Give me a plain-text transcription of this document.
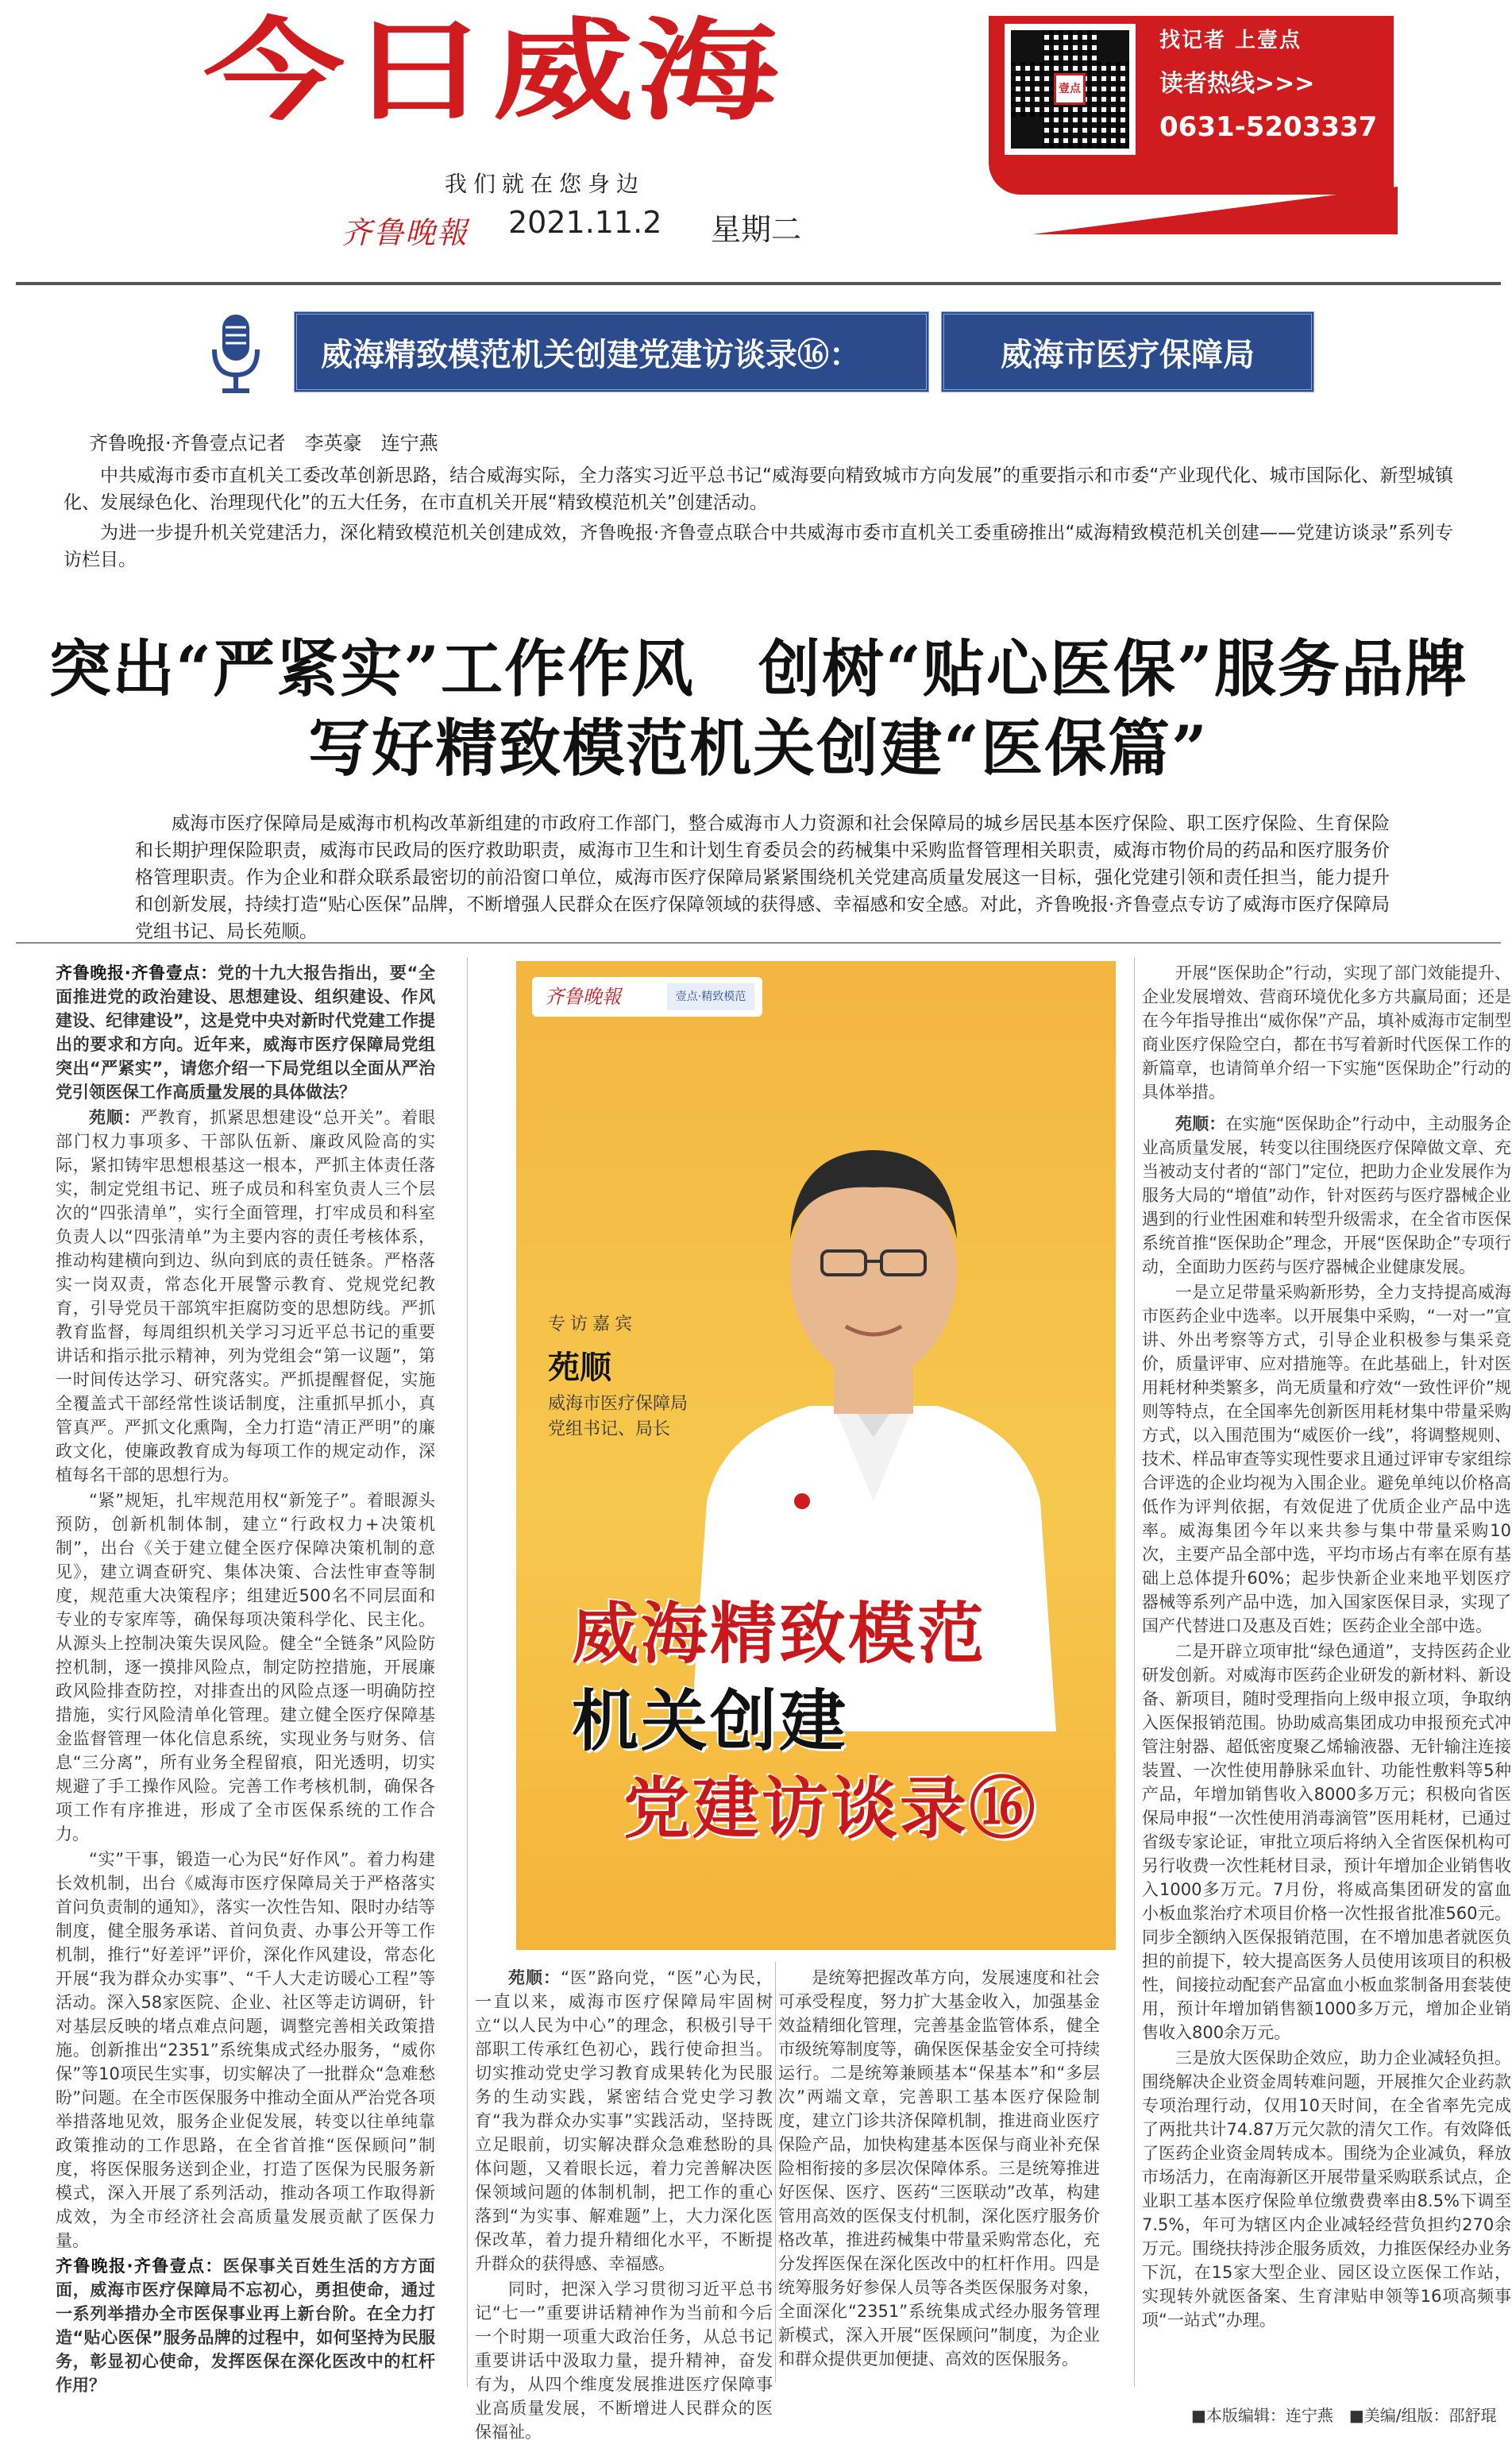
壹点
找记者 上壹点
读者热线>>>
0631-5203337
今日威海
我们就在您身边
齐鲁晚報 2021.11.2 星期二
威海精致模范机关创建党建访谈录⑯：	威海市医疗保障局
齐鲁晚报·齐鲁壹点记者　李英豪　连宁燕
中共威海市委市直机关工委改革创新思路，结合威海实际，全力落实习近平总书记“威海要向精致城市方向发展”的重要指示和市委“产业现代化、城市国际化、新型城镇化、发展绿色化、治理现代化”的五大任务，在市直机关开展“精致模范机关”创建活动。
为进一步提升机关党建活力，深化精致模范机关创建成效，齐鲁晚报·齐鲁壹点联合中共威海市委市直机关工委重磅推出“威海精致模范机关创建——党建访谈录”系列专访栏目。
突出“严紧实”工作作风　创树“贴心医保”服务品牌
写好精致模范机关创建“医保篇”
威海市医疗保障局是威海市机构改革新组建的市政府工作部门，整合威海市人力资源和社会保障局的城乡居民基本医疗保险、职工医疗保险、生育保险和长期护理保险职责，威海市民政局的医疗救助职责，威海市卫生和计划生育委员会的药械集中采购监督管理相关职责，威海市物价局的药品和医疗服务价格管理职责。作为企业和群众联系最密切的前沿窗口单位，威海市医疗保障局紧紧围绕机关党建高质量发展这一目标，强化党建引领和责任担当，能力提升和创新发展，持续打造“贴心医保”品牌，不断增强人民群众在医疗保障领域的获得感、幸福感和安全感。对此，齐鲁晚报·齐鲁壹点专访了威海市医疗保障局党组书记、局长苑顺。
齐鲁晚報	壹点·精致模范
专访嘉宾
苑顺
威海市医疗保障局
党组书记、局长
威海精致模范
机关创建
党建访谈录⑯

齐鲁晚报·齐鲁壹点：党的十九大报告指出，要“全面推进党的政治建设、思想建设、组织建设、作风建设、纪律建设”，这是党中央对新时代党建工作提出的要求和方向。近年来，威海市医疗保障局党组突出“严紧实”，请您介绍一下局党组以全面从严治党引领医保工作高质量发展的具体做法？

苑顺：严教育，抓紧思想建设“总开关”。着眼部门权力事项多、干部队伍新、廉政风险高的实际，紧扣铸牢思想根基这一根本，严抓主体责任落实，制定党组书记、班子成员和科室负责人三个层次的“四张清单”，实行全面管理，打牢成员和科室负责人以“四张清单”为主要内容的责任考核体系，推动构建横向到边、纵向到底的责任链条。严格落实一岗双责，常态化开展警示教育、党规党纪教育，引导党员干部筑牢拒腐防变的思想防线。严抓教育监督，每周组织机关学习习近平总书记的重要讲话和指示批示精神，列为党组会“第一议题”，第一时间传达学习、研究落实。严抓提醒督促，实施全覆盖式干部经常性谈话制度，注重抓早抓小，真管真严。严抓文化熏陶，全力打造“清正严明”的廉政文化，使廉政教育成为每项工作的规定动作，深植每名干部的思想行为。

“紧”规矩，扎牢规范用权“新笼子”。着眼源头预防，创新机制体制，建立“行政权力+决策机制”，出台《关于建立健全医疗保障决策机制的意见》，建立调查研究、集体决策、合法性审查等制度，规范重大决策程序；组建近500名不同层面和专业的专家库等，确保每项决策科学化、民主化。从源头上控制决策失误风险。健全“全链条”风险防控机制，逐一摸排风险点，制定防控措施，开展廉政风险排查防控，对排查出的风险点逐一明确防控措施，实行风险清单化管理。建立健全医疗保障基金监督管理一体化信息系统，实现业务与财务、信息“三分离”，所有业务全程留痕，阳光透明，切实规避了手工操作风险。完善工作考核机制，确保各项工作有序推进，形成了全市医保系统的工作合力。

“实”干事，锻造一心为民“好作风”。着力构建长效机制，出台《威海市医疗保障局关于严格落实首问负责制的通知》，落实一次性告知、限时办结等制度，健全服务承诺、首问负责、办事公开等工作机制，推行“好差评”评价，深化作风建设，常态化开展“我为群众办实事”、“千人大走访暖心工程”等活动。深入58家医院、企业、社区等走访调研，针对基层反映的堵点难点问题，调整完善相关政策措施。创新推出“2351”系统集成式经办服务，“威你保”等10项民生实事，切实解决了一批群众“急难愁盼”问题。在全市医保服务中推动全面从严治党各项举措落地见效，服务企业促发展，转变以往单纯靠政策推动的工作思路，在全省首推“医保顾问”制度，将医保服务送到企业，打造了医保为民服务新模式，深入开展了系列活动，推动各项工作取得新成效，为全市经济社会高质量发展贡献了医保力量。

齐鲁晚报·齐鲁壹点：医保事关百姓生活的方方面面，威海市医疗保障局不忘初心，勇担使命，通过一系列举措办全市医保事业再上新台阶。在全力打造“贴心医保”服务品牌的过程中，如何坚持为民服务，彰显初心使命，发挥医保在深化医改中的杠杆作用？

苑顺：“医”路向党，“医”心为民，一直以来，威海市医疗保障局牢固树立“以人民为中心”的理念，积极引导干部职工传承红色初心，践行使命担当。切实推动党史学习教育成果转化为民服务的生动实践，紧密结合党史学习教育“我为群众办实事”实践活动，坚持既立足眼前，切实解决群众急难愁盼的具体问题，又着眼长远，着力完善解决医保领域问题的体制机制，把工作的重心落到“为实事、解难题”上，大力深化医保改革，着力提升精细化水平，不断提升群众的获得感、幸福感。

同时，把深入学习贯彻习近平总书记“七一”重要讲话精神作为当前和今后一个时期一项重大政治任务，从总书记重要讲话中汲取力量，提升精神，奋发有为，从四个维度发展推进医疗保障事业高质量发展，不断增进人民群众的医保福祉。

是统筹把握改革方向，发展速度和社会可承受程度，努力扩大基金收入，加强基金效益精细化管理，完善基金监管体系，健全市级统筹制度等，确保医保基金安全可持续运行。二是统筹兼顾基本“保基本”和“多层次”两端文章，完善职工基本医疗保险制度，建立门诊共济保障机制，推进商业医疗保险产品，加快构建基本医保与商业补充保险相衔接的多层次保障体系。三是统筹推进好医保、医疗、医药“三医联动”改革，构建管用高效的医保支付机制，深化医疗服务价格改革，推进药械集中带量采购常态化，充分发挥医保在深化医改中的杠杆作用。四是统筹服务好参保人员等各类医保服务对象，全面深化“2351”系统集成式经办服务管理新模式，深入开展“医保顾问”制度，为企业和群众提供更加便捷、高效的医保服务。

开展“医保助企”行动，实现了部门效能提升、企业发展增效、营商环境优化多方共赢局面；还是在今年指导推出“威你保”产品，填补威海市定制型商业医疗保险空白，都在书写着新时代医保工作的新篇章，也请简单介绍一下实施“医保助企”行动的具体举措。

苑顺：在实施“医保助企”行动中，主动服务企业高质量发展，转变以往围绕医疗保障做文章、充当被动支付者的“部门”定位，把助力企业发展作为服务大局的“增值”动作，针对医药与医疗器械企业遇到的行业性困难和转型升级需求，在全省市医保系统首推“医保助企”理念，开展“医保助企”专项行动，全面助力医药与医疗器械企业健康发展。

一是立足带量采购新形势，全力支持提高威海市医药企业中选率。以开展集中采购，“一对一”宣讲、外出考察等方式，引导企业积极参与集采竞价，质量评审、应对措施等。在此基础上，针对医用耗材种类繁多，尚无质量和疗效“一致性评价”规则等特点，在全国率先创新医用耗材集中带量采购方式，以入围范围为“威医价一线”，将调整规则、技术、样品审查等实现性要求且通过评审专家组综合评选的企业均视为入围企业。避免单纯以价格高低作为评判依据，有效促进了优质企业产品中选率。威海集团今年以来共参与集中带量采购10次，主要产品全部中选，平均市场占有率在原有基础上总体提升60%；起步快新企业来地平划医疗器械等系列产品中选，加入国家医保目录，实现了国产代替进口及惠及百姓；医药企业全部中选。

二是开辟立项审批“绿色通道”，支持医药企业研发创新。对威海市医药企业研发的新材料、新设备、新项目，随时受理指向上级申报立项，争取纳入医保报销范围。协助威高集团成功申报预充式冲管注射器、超低密度聚乙烯输液器、无针输注连接装置、一次性使用静脉采血针、功能性敷料等5种产品，年增加销售收入8000多万元；积极向省医保局申报“一次性使用消毒滴管”医用耗材，已通过省级专家论证，审批立项后将纳入全省医保机构可另行收费一次性耗材目录，预计年增加企业销售收入1000多万元。7月份，将威高集团研发的富血小板血浆治疗术项目价格一次性报省批准560元。同步全额纳入医保报销范围，在不增加患者就医负担的前提下，较大提高医务人员使用该项目的积极性，间接拉动配套产品富血小板血浆制备用套装使用，预计年增加销售额1000多万元，增加企业销售收入800余万元。

三是放大医保助企效应，助力企业减轻负担。围绕解决企业资金周转难问题，开展推欠企业药款专项治理行动，仅用10天时间，在全省率先完成了两批共计74.87万元欠款的清欠工作。有效降低了医药企业资金周转成本。围绕为企业减负，释放市场活力，在南海新区开展带量采购联系试点，企业职工基本医疗保险单位缴费费率由8.5%下调至7.5%，年可为辖区内企业减轻经营负担约270余万元。围绕扶持涉企服务质效，力推医保经办业务下沉，在15家大型企业、园区设立医保工作站，实现转外就医备案、生育津贴申领等16项高频事项“一站式”办理。

■本版编辑：连宁燕　■美编/组版：邵舒琨
